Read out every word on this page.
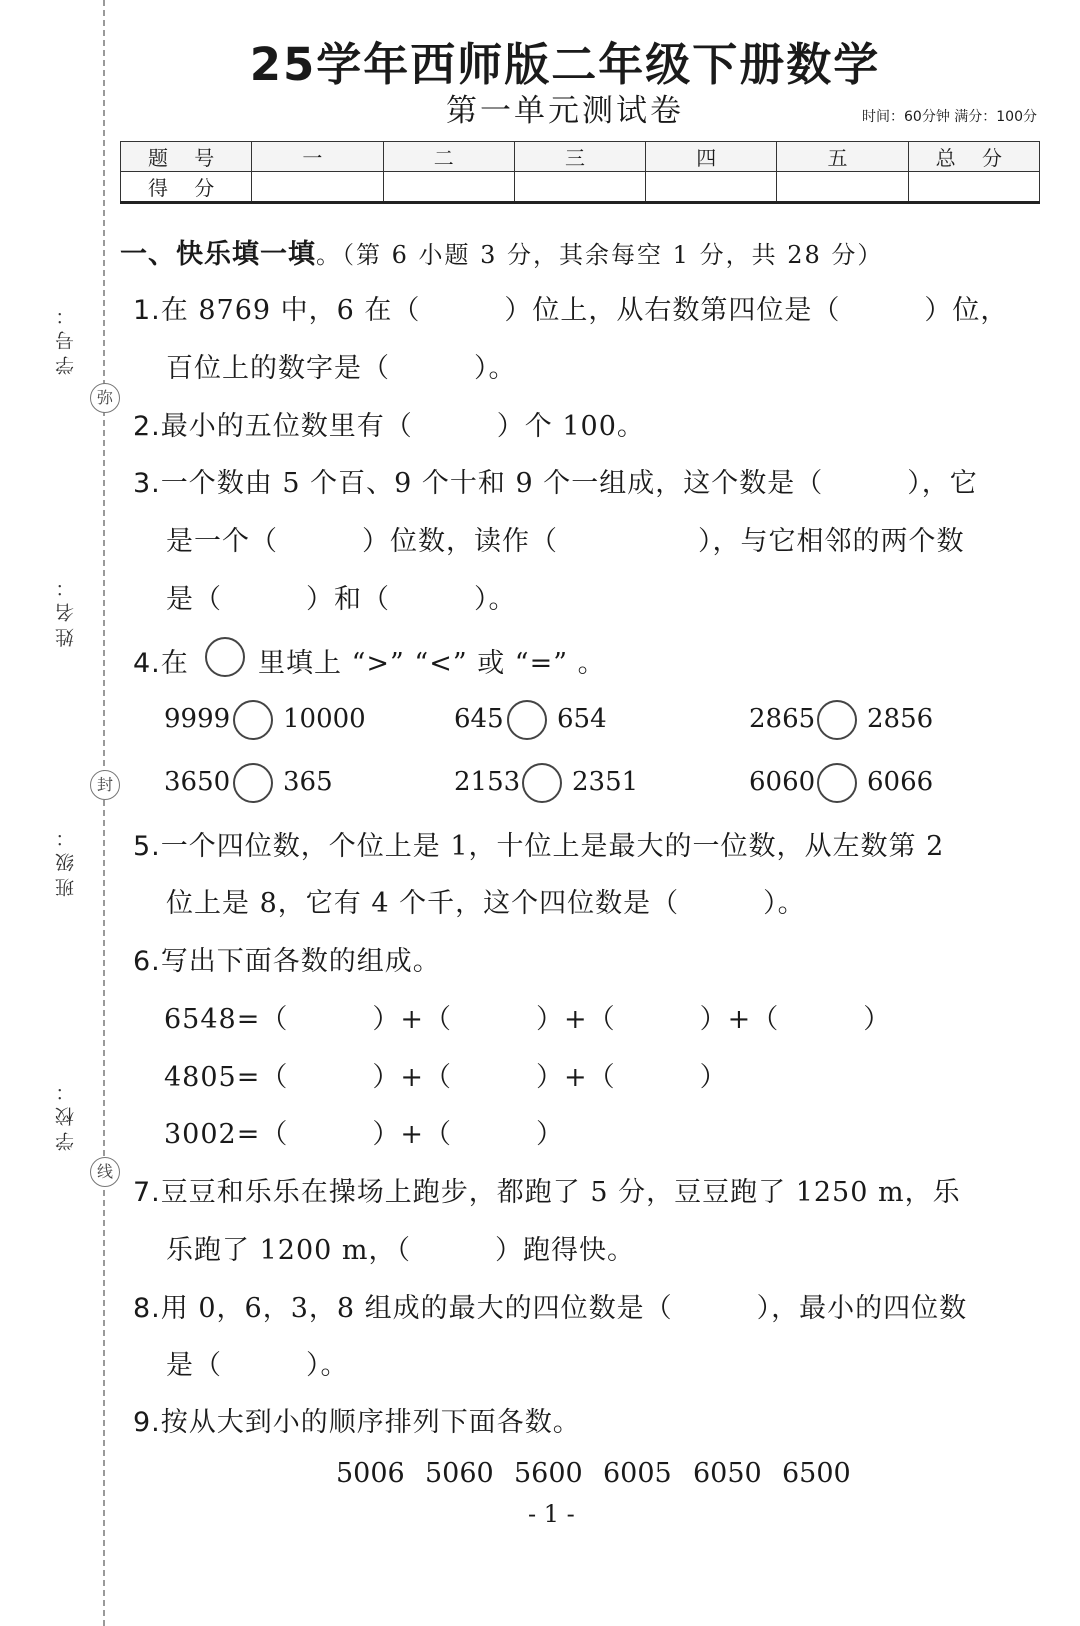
学号：
姓名：
班级：
学校：
弥
封
线
25学年西师版二年级下册数学
第一单元测试卷	时间：60分钟 满分：100分
题 号	一	二	三	四	五	总 分
得 分						
一、快乐填一填。（第 6 小题 3 分，其余每空 1 分，共 28 分）
1.在 8769 中，6 在（　　　）位上，从右数第四位是（　　　）位，
百位上的数字是（　　　）。
2.最小的五位数里有（　　　）个 100。
3.一个数由 5 个百、9 个十和 9 个一组成，这个数是（　　　），它
是一个（　　　）位数，读作（　　　　　），与它相邻的两个数
是（　　　）和（　　　）。
4.在	里填上 “>” “<” 或 “=” 。
9999 10000	645 654	2865 2856
3650 365	2153 2351	6060 6066
5.一个四位数，个位上是 1，十位上是最大的一位数，从左数第 2
位上是 8，它有 4 个千，这个四位数是（　　　）。
6.写出下面各数的组成。
6548=（　　　）+（　　　）+（　　　）+（　　　）
4805=（　　　）+（　　　）+（　　　）
3002=（　　　）+（　　　）
7.豆豆和乐乐在操场上跑步，都跑了 5 分，豆豆跑了 1250 m，乐
乐跑了 1200 m，（　　　）跑得快。
8.用 0，6，3，8 组成的最大的四位数是（　　　），最小的四位数
是（　　　）。
9.按从大到小的顺序排列下面各数。
5006 5060 5600 6005 6050 6500
- 1 -
